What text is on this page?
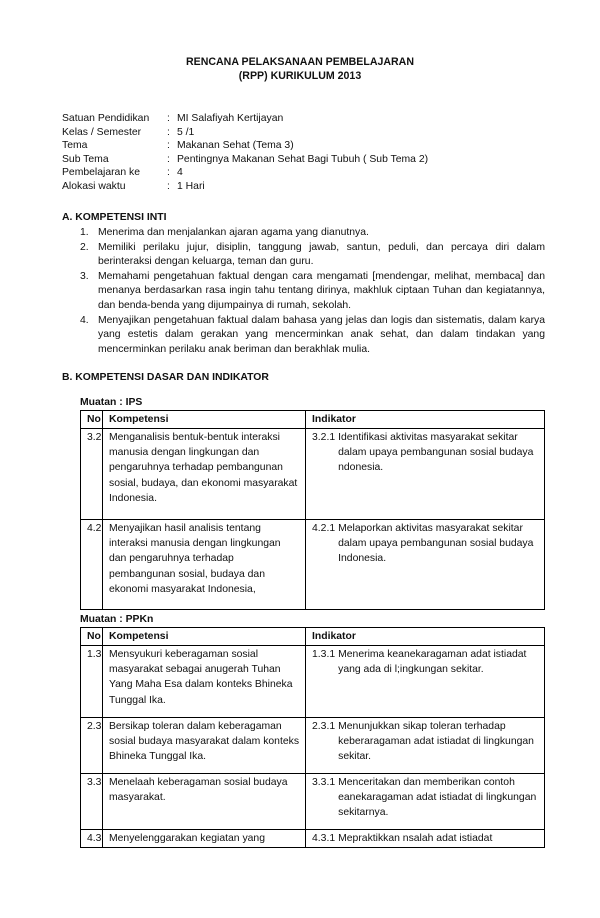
RENCANA PELAKSANAAN PEMBELAJARAN
(RPP) KURIKULUM 2013
Satuan Pendidikan	: MI Salafiyah Kertijayan
Kelas / Semester	: 5 /1
Tema	: Makanan Sehat (Tema 3)
Sub Tema	: Pentingnya Makanan Sehat Bagi Tubuh ( Sub Tema 2)
Pembelajaran ke	: 4
Alokasi waktu	: 1 Hari
A. KOMPETENSI INTI
1. Menerima dan menjalankan ajaran agama yang dianutnya.
2. Memiliki perilaku jujur, disiplin, tanggung jawab, santun, peduli, dan percaya diri dalam berinteraksi dengan keluarga, teman dan guru.
3. Memahami pengetahuan faktual dengan cara mengamati [mendengar, melihat, membaca] dan menanya berdasarkan rasa ingin tahu tentang dirinya, makhluk ciptaan Tuhan dan kegiatannya, dan benda-benda yang dijumpainya di rumah, sekolah.
4. Menyajikan pengetahuan faktual dalam bahasa yang jelas dan logis dan sistematis, dalam karya yang estetis dalam gerakan yang mencerminkan anak sehat, dan dalam tindakan yang mencerminkan perilaku anak beriman dan berakhlak mulia.
B. KOMPETENSI DASAR DAN INDIKATOR
Muatan : IPS
No	Kompetensi	Indikator
3.2	Menganalisis bentuk-bentuk interaksi manusia dengan lingkungan dan pengaruhnya terhadap pembangunan sosial, budaya, dan ekonomi masyarakat Indonesia.	3.2.1 Identifikasi aktivitas masyarakat sekitar dalam upaya pembangunan sosial budaya ndonesia.

4.2	Menyajikan hasil analisis tentang interaksi manusia dengan lingkungan dan pengaruhnya terhadap pembangunan sosial, budaya dan ekonomi masyarakat Indonesia,	4.2.1 Melaporkan aktivitas masyarakat sekitar dalam upaya pembangunan sosial budaya Indonesia.
Muatan : PPKn
No	Kompetensi	Indikator
1.3	Mensyukuri keberagaman sosial masyarakat sebagai anugerah Tuhan Yang Maha Esa dalam konteks Bhineka Tunggal Ika.	1.3.1 Menerima keanekaragaman adat istiadat yang ada di l;ingkungan sekitar.

2.3	Bersikap toleran dalam keberagaman sosial budaya masyarakat dalam konteks Bhineka Tunggal Ika.	2.3.1 Menunjukkan sikap toleran terhadap keberaragaman adat istiadat di lingkungan sekitar.

3.3	Menelaah keberagaman sosial budaya masyarakat.	3.3.1 Menceritakan dan memberikan contoh eanekaragaman adat istiadat di lingkungan sekitarnya.

4.3	Menyelenggarakan kegiatan yang	4.3.1 Mepraktikkan nsalah adat istiadat
